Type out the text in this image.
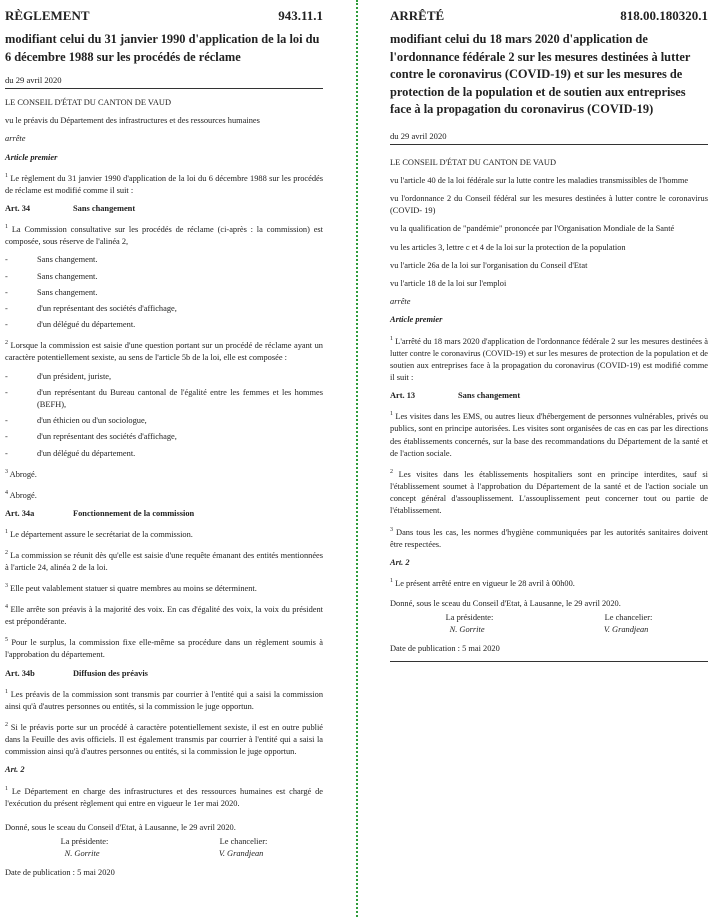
RÈGLEMENT	943.11.1
modifiant celui du 31 janvier 1990 d'application de la loi du 6 décembre 1988 sur les procédés de réclame
du 29 avril 2020

LE CONSEIL D'ÉTAT DU CANTON DE VAUD

vu le préavis du Département des infrastructures et des ressources humaines

arrête

Article premier

$^1$ Le règlement du 31 janvier 1990 d'application de la loi du 6 décembre 1988 sur les procédés de réclame est modifié comme il suit :

Art. 34	Sans changement

$^1$ La Commission consultative sur les procédés de réclame (ci-après : la commission) est composée, sous réserve de l'alinéa 2,

-	Sans changement.
-	Sans changement.
-	Sans changement.
-	d'un représentant des sociétés d'affichage,
-	d'un délégué du département.

$^2$ Lorsque la commission est saisie d'une question portant sur un procédé de réclame ayant un caractère potentiellement sexiste, au sens de l'article 5b de la loi, elle est composée :

-	d'un président, juriste,
-	d'un représentant du Bureau cantonal de l'égalité entre les femmes et les hommes (BEFH),
-	d'un éthicien ou d'un sociologue,
-	d'un représentant des sociétés d'affichage,
-	d'un délégué du département.

$^3$ Abrogé.

$^4$ Abrogé.

Art. 34a	Fonctionnement de la commission

$^1$ Le département assure le secrétariat de la commission.

$^2$ La commission se réunit dès qu'elle est saisie d'une requête émanant des entités mentionnées à l'article 24, alinéa 2 de la loi.

$^3$ Elle peut valablement statuer si quatre membres au moins se déterminent.

$^4$ Elle arrête son préavis à la majorité des voix. En cas d'égalité des voix, la voix du président est prépondérante.

$^5$ Pour le surplus, la commission fixe elle-même sa procédure dans un règlement soumis à l'approbation du département.

Art. 34b	Diffusion des préavis

$^1$ Les préavis de la commission sont transmis par courrier à l'entité qui a saisi la commission ainsi qu'à d'autres personnes ou entités, si la commission le juge opportun.

$^2$ Si le préavis porte sur un procédé à caractère potentiellement sexiste, il est en outre publié dans la Feuille des avis officiels. Il est également transmis par courrier à l'entité qui a saisi la commission ainsi qu'à d'autres personnes ou entités, si la commission le juge opportun.

Art. 2

$^1$ Le Département en charge des infrastructures et des ressources humaines est chargé de l'exécution du présent règlement qui entre en vigueur le 1er mai 2020.

Donné, sous le sceau du Conseil d'Etat, à Lausanne, le 29 avril 2020.

La présidente:	Le chancelier:
N. Gorrite	V. Grandjean

Date de publication : 5 mai 2020

ARRÊTÉ	818.00.180320.1
modifiant celui du 18 mars 2020 d'application de l'ordonnance fédérale 2 sur les mesures destinées à lutter contre le coronavirus (COVID-19) et sur les mesures de protection de la population et de soutien aux entreprises face à la propagation du coronavirus (COVID-19)
du 29 avril 2020

LE CONSEIL D'ÉTAT DU CANTON DE VAUD

vu l'article 40 de la loi fédérale sur la lutte contre les maladies transmissibles de l'homme

vu l'ordonnance 2 du Conseil fédéral sur les mesures destinées à lutter contre le coronavirus (COVID- 19)

vu la qualification de "pandémie" prononcée par l'Organisation Mondiale de la Santé

vu les articles 3, lettre c et 4 de la loi sur la protection de la population

vu l'article 26a de la loi sur l'organisation du Conseil d'Etat

vu l'article 18 de la loi sur l'emploi

arrête

Article premier

$^1$ L'arrêté du 18 mars 2020 d'application de l'ordonnance fédérale 2 sur les mesures destinées à lutter contre le coronavirus (COVID-19) et sur les mesures de protection de la population et de soutien aux entreprises face à la propagation du coronavirus (COVID-19) est modifié comme il suit :

Art. 13	Sans changement

$^1$ Les visites dans les EMS, ou autres lieux d'hébergement de personnes vulnérables, privés ou publics, sont en principe autorisées. Les visites sont organisées de cas en cas par les directions des établissements concernés, sur la base des recommandations du Département de la santé et de l'action sociale.

$^2$ Les visites dans les établissements hospitaliers sont en principe interdites, sauf si l'établissement soumet à l'approbation du Département de la santé et de l'action sociale un concept général d'assouplissement. L'assouplissement peut concerner tout ou partie de l'établissement.

$^3$ Dans tous les cas, les normes d'hygiène communiquées par les autorités sanitaires doivent être respectées.

Art. 2

$^1$ Le présent arrêté entre en vigueur le 28 avril à 00h00.

Donné, sous le sceau du Conseil d'Etat, à Lausanne, le 29 avril 2020.

La présidente:	Le chancelier:
N. Gorrite	V. Grandjean

Date de publication : 5 mai 2020
